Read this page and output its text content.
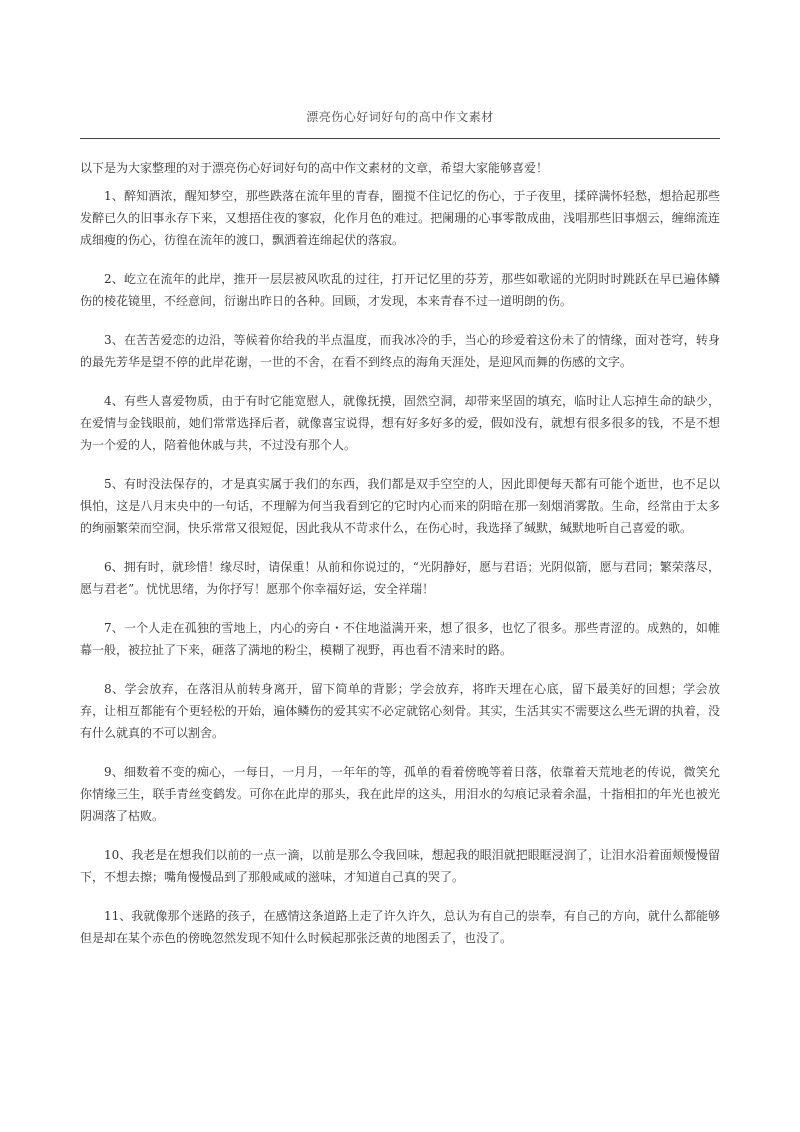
漂亮伤心好词好句的高中作文素材
以下是为大家整理的对于漂亮伤心好词好句的高中作文素材的文章，希望大家能够喜爱！

1、醉知酒浓，醒知梦空，那些跌落在流年里的青春，圈搅不住记忆的伤心，于子夜里，揉碎满怀轻愁，想拾起那些发醉已久的旧事永存下来，又想捂住夜的寥寂，化作月色的难过。把阑珊的心事零散成曲，浅唱那些旧事烟云，缠绵流连成细瘦的伤心，彷徨在流年的渡口，飘洒着连绵起伏的落寂。

2、屹立在流年的此岸，推开一层层被风吹乱的过往，打开记忆里的芬芳，那些如歌谣的光阴时时跳跃在早已遍体鳞伤的棱花镜里，不经意间，衍谢出昨日的各种。回顾，才发现，本来青春不过一道明朗的伤。

3、在苦苦爱恋的边沿，等候着你给我的半点温度，而我冰冷的手，当心的珍爱着这份未了的情缘，面对苍穹，转身的最先芳华是望不停的此岸花谢，一世的不舍，在看不到终点的海角天涯处，是迎风而舞的伤感的文字。

4、有些人喜爱物质，由于有时它能宽慰人，就像抚摸，固然空洞，却带来坚固的填充，临时让人忘掉生命的缺少，在爱情与金钱眼前，她们常常选择后者，就像喜宝说得，想有好多好多的爱，假如没有，就想有很多很多的钱，不是不想为一个爱的人，陪着他休戚与共，不过没有那个人。

5、有时没法保存的，才是真实属于我们的东西，我们都是双手空空的人，因此即便每天都有可能个逝世，也不足以惧怕，这是八月末央中的一句话，不理解为何当我看到它的它时内心而来的阴暗在那一刻烟消雾散。生命，经常由于太多的绚丽繁荣而空洞，快乐常常又很短促，因此我从不苛求什么，在伤心时，我选择了缄默，缄默地听自己喜爱的歌。

6、拥有时，就珍惜！缘尽时，请保重！从前和你说过的，“光阴静好，愿与君语；光阴似箭，愿与君同；繁荣落尽，愿与君老”。忧忧思绪，为你抒写！愿那个你幸福好运，安全祥瑞！

7、一个人走在孤独的雪地上，内心的旁白・不住地溢满开来，想了很多，也忆了很多。那些青涩的。成熟的，如帷幕一般，被拉扯了下来，砸落了满地的粉尘，模糊了视野，再也看不清来时的路。

8、学会放弃，在落泪从前转身离开，留下简单的背影；学会放弃，将昨天埋在心底，留下最美好的回想；学会放弃，让相互都能有个更轻松的开始，遍体鳞伤的爱其实不必定就铭心刻骨。其实，生活其实不需要这么些无谓的执着，没有什么就真的不可以割舍。

9、细数着不变的痴心，一每日，一月月，一年年的等，孤单的看着傍晚等着日落，依靠着天荒地老的传说，微笑允你情缘三生，联手青丝变鹤发。可你在此岸的那头，我在此岸的这头，用泪水的勾痕记录着余温，十指相扣的年光也被光阴凋落了枯败。

10、我老是在想我们以前的一点一滴，以前是那么令我回味，想起我的眼泪就把眼眶浸润了，让泪水沿着面颊慢慢留下，不想去擦；嘴角慢慢品到了那般咸咸的滋味，才知道自己真的哭了。

11、我就像那个迷路的孩子，在感情这条道路上走了许久许久，总认为有自己的崇奉，有自己的方向，就什么都能够但是却在某个赤色的傍晚忽然发现不知什么时候起那张泛黄的地图丢了，也没了。
